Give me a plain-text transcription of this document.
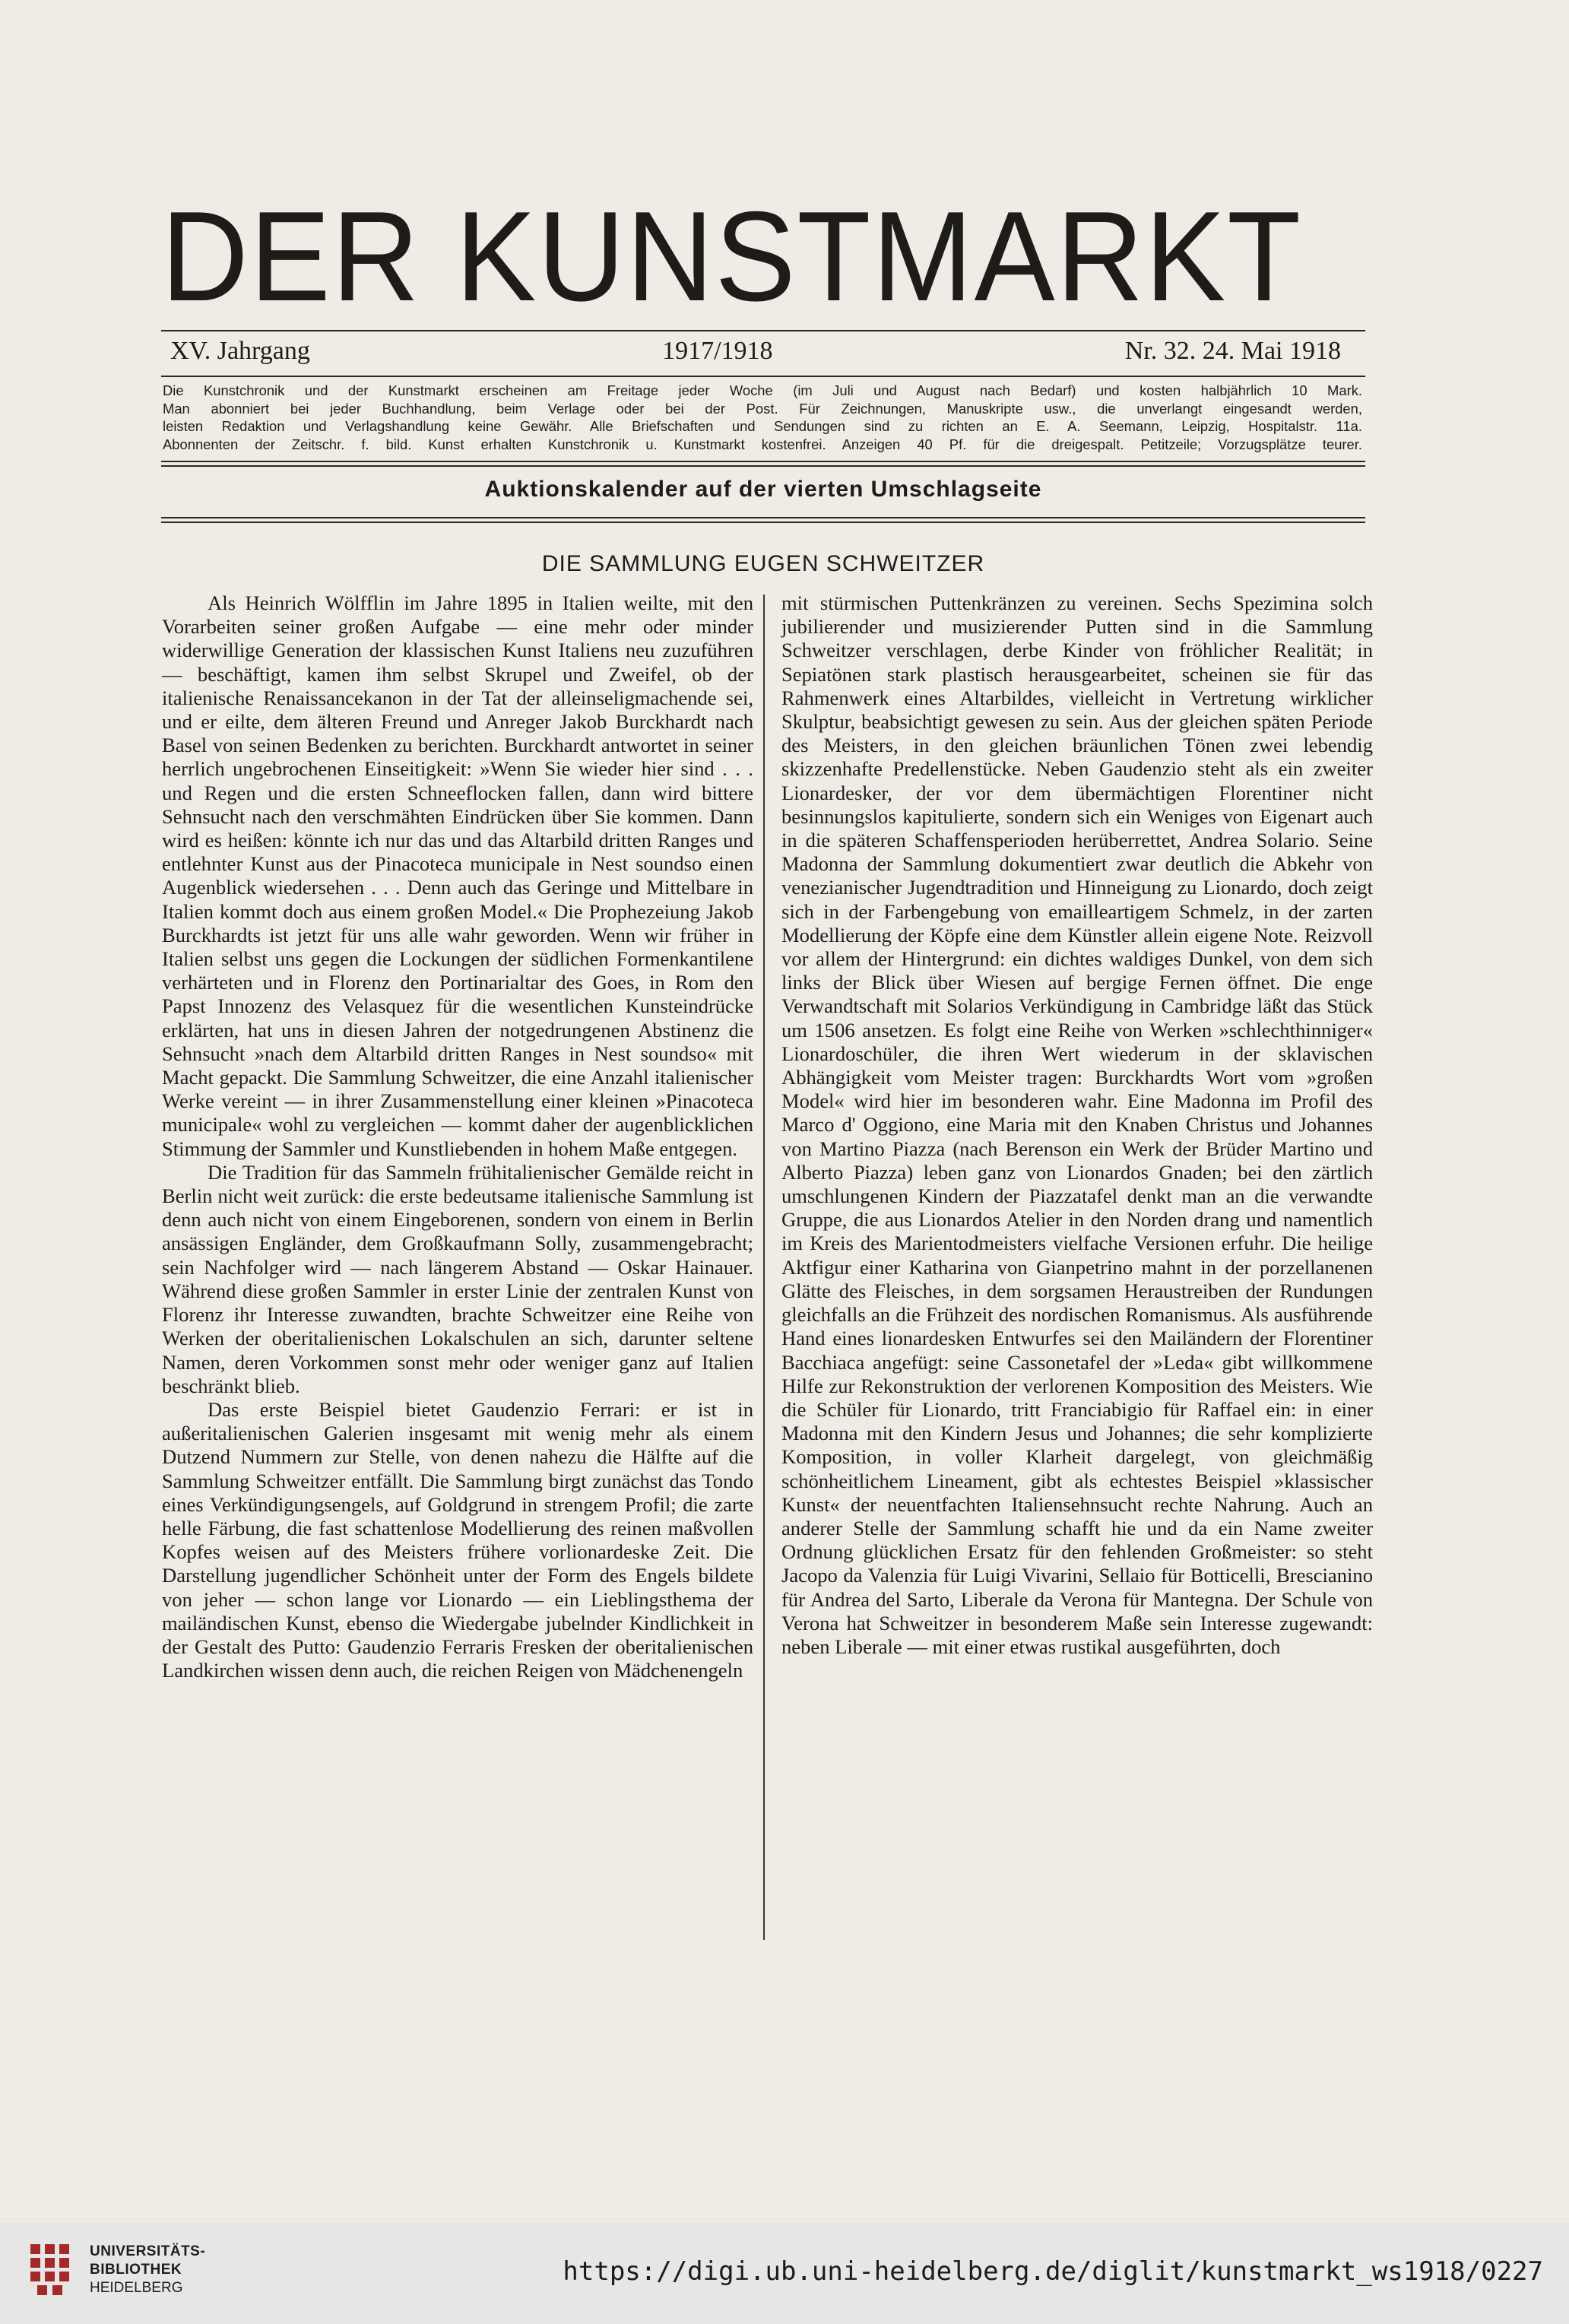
DER KUNSTMARKT
XV. Jahrgang	1917/1918	Nr. 32. 24. Mai 1918

Die Kunstchronik und der Kunstmarkt erscheinen am Freitage jeder Woche (im Juli und August nach Bedarf) und kosten halbjährlich 10 Mark.

Man abonniert bei jeder Buchhandlung, beim Verlage oder bei der Post. Für Zeichnungen, Manuskripte usw., die unverlangt eingesandt werden,

leisten Redaktion und Verlagshandlung keine Gewähr. Alle Briefschaften und Sendungen sind zu richten an E. A. Seemann, Leipzig, Hospitalstr. 11a.

Abonnenten der Zeitschr. f. bild. Kunst erhalten Kunstchronik u. Kunstmarkt kostenfrei. Anzeigen 40 Pf. für die dreigespalt. Petitzeile; Vorzugsplätze teurer.

Auktionskalender auf der vierten Umschlagseite
DIE SAMMLUNG EUGEN SCHWEITZER

Als Heinrich Wölfflin im Jahre 1895 in Italien weilte, mit den Vorarbeiten seiner großen Aufgabe — eine mehr oder minder widerwillige Generation der klassischen Kunst Italiens neu zuzuführen — beschäftigt, kamen ihm selbst Skrupel und Zweifel, ob der italienische Renaissancekanon in der Tat der alleinseligmachende sei, und er eilte, dem älteren Freund und Anreger Jakob Burckhardt nach Basel von seinen Bedenken zu berichten. Burckhardt antwortet in seiner herrlich ungebrochenen Einseitigkeit: »Wenn Sie wieder hier sind . . . und Regen und die ersten Schneeflocken fallen, dann wird bittere Sehnsucht nach den verschmähten Eindrücken über Sie kommen. Dann wird es heißen: könnte ich nur das und das Altarbild dritten Ranges und entlehnter Kunst aus der Pinacoteca municipale in Nest soundso einen Augenblick wiedersehen . . . Denn auch das Geringe und Mittelbare in Italien kommt doch aus einem großen Model.« Die Prophezeiung Jakob Burckhardts ist jetzt für uns alle wahr geworden. Wenn wir früher in Italien selbst uns gegen die Lockungen der südlichen Formenkantilene verhärteten und in Florenz den Portinarialtar des Goes, in Rom den Papst Innozenz des Velasquez für die wesentlichen Kunsteindrücke erklärten, hat uns in diesen Jahren der notgedrungenen Abstinenz die Sehnsucht »nach dem Altarbild dritten Ranges in Nest soundso« mit Macht gepackt. Die Sammlung Schweitzer, die eine Anzahl italienischer Werke vereint — in ihrer Zusammenstellung einer kleinen »Pinacoteca municipale« wohl zu vergleichen — kommt daher der augenblicklichen Stimmung der Sammler und Kunstliebenden in hohem Maße entgegen.

Die Tradition für das Sammeln frühitalienischer Gemälde reicht in Berlin nicht weit zurück: die erste bedeutsame italienische Sammlung ist denn auch nicht von einem Eingeborenen, sondern von einem in Berlin ansässigen Engländer, dem Großkaufmann Solly, zusammengebracht; sein Nachfolger wird — nach längerem Abstand — Oskar Hainauer. Während diese großen Sammler in erster Linie der zentralen Kunst von Florenz ihr Interesse zuwandten, brachte Schweitzer eine Reihe von Werken der oberitalienischen Lokalschulen an sich, darunter seltene Namen, deren Vorkommen sonst mehr oder weniger ganz auf Italien beschränkt blieb.

Das erste Beispiel bietet Gaudenzio Ferrari: er ist in außeritalienischen Galerien insgesamt mit wenig mehr als einem Dutzend Nummern zur Stelle, von denen nahezu die Hälfte auf die Sammlung Schweitzer entfällt. Die Sammlung birgt zunächst das Tondo eines Verkündigungsengels, auf Goldgrund in strengem Profil; die zarte helle Färbung, die fast schattenlose Modellierung des reinen maßvollen Kopfes weisen auf des Meisters frühere vorlionardeske Zeit. Die Darstellung jugendlicher Schönheit unter der Form des Engels bildete von jeher — schon lange vor Lionardo — ein Lieblingsthema der mailändischen Kunst, ebenso die Wiedergabe jubelnder Kindlichkeit in der Gestalt des Putto: Gaudenzio Ferraris Fresken der oberitalienischen Landkirchen wissen denn auch, die reichen Reigen von Mädchenengeln

mit stürmischen Puttenkränzen zu vereinen. Sechs Spezimina solch jubilierender und musizierender Putten sind in die Sammlung Schweitzer verschlagen, derbe Kinder von fröhlicher Realität; in Sepiatönen stark plastisch herausgearbeitet, scheinen sie für das Rahmenwerk eines Altarbildes, vielleicht in Vertretung wirklicher Skulptur, beabsichtigt gewesen zu sein. Aus der gleichen späten Periode des Meisters, in den gleichen bräunlichen Tönen zwei lebendig skizzenhafte Predellenstücke. Neben Gaudenzio steht als ein zweiter Lionardesker, der vor dem übermächtigen Florentiner nicht besinnungslos kapitulierte, sondern sich ein Weniges von Eigenart auch in die späteren Schaffensperioden herüberrettet, Andrea Solario. Seine Madonna der Sammlung dokumentiert zwar deutlich die Abkehr von venezianischer Jugendtradition und Hinneigung zu Lionardo, doch zeigt sich in der Farbengebung von emailleartigem Schmelz, in der zarten Modellierung der Köpfe eine dem Künstler allein eigene Note. Reizvoll vor allem der Hintergrund: ein dichtes waldiges Dunkel, von dem sich links der Blick über Wiesen auf bergige Fernen öffnet. Die enge Verwandtschaft mit Solarios Verkündigung in Cambridge läßt das Stück um 1506 ansetzen. Es folgt eine Reihe von Werken »schlechthinniger« Lionardoschüler, die ihren Wert wiederum in der sklavischen Abhängigkeit vom Meister tragen: Burckhardts Wort vom »großen Model« wird hier im besonderen wahr. Eine Madonna im Profil des Marco d' Oggiono, eine Maria mit den Knaben Christus und Johannes von Martino Piazza (nach Berenson ein Werk der Brüder Martino und Alberto Piazza) leben ganz von Lionardos Gnaden; bei den zärtlich umschlungenen Kindern der Piazzatafel denkt man an die verwandte Gruppe, die aus Lionardos Atelier in den Norden drang und namentlich im Kreis des Marientodmeisters vielfache Versionen erfuhr. Die heilige Aktfigur einer Katharina von Gianpetrino mahnt in der porzellanenen Glätte des Fleisches, in dem sorgsamen Heraustreiben der Rundungen gleichfalls an die Frühzeit des nordischen Romanismus. Als ausführende Hand eines lionardesken Entwurfes sei den Mailändern der Florentiner Bacchiaca angefügt: seine Cassonetafel der »Leda« gibt willkommene Hilfe zur Rekonstruktion der verlorenen Komposition des Meisters. Wie die Schüler für Lionardo, tritt Franciabigio für Raffael ein: in einer Madonna mit den Kindern Jesus und Johannes; die sehr komplizierte Komposition, in voller Klarheit dargelegt, von gleichmäßig schönheitlichem Lineament, gibt als echtestes Beispiel »klassischer Kunst« der neuentfachten Italiensehnsucht rechte Nahrung. Auch an anderer Stelle der Sammlung schafft hie und da ein Name zweiter Ordnung glücklichen Ersatz für den fehlenden Großmeister: so steht Jacopo da Valenzia für Luigi Vivarini, Sellaio für Botticelli, Brescianino für Andrea del Sarto, Liberale da Verona für Mantegna. Der Schule von Verona hat Schweitzer in besonderem Maße sein Interesse zugewandt: neben Liberale — mit einer etwas rustikal ausgeführten, doch

UNIVERSITÄTS-
BIBLIOTHEK
HEIDELBERG
https://digi.ub.uni-heidelberg.de/diglit/kunstmarkt_ws1918/0227
